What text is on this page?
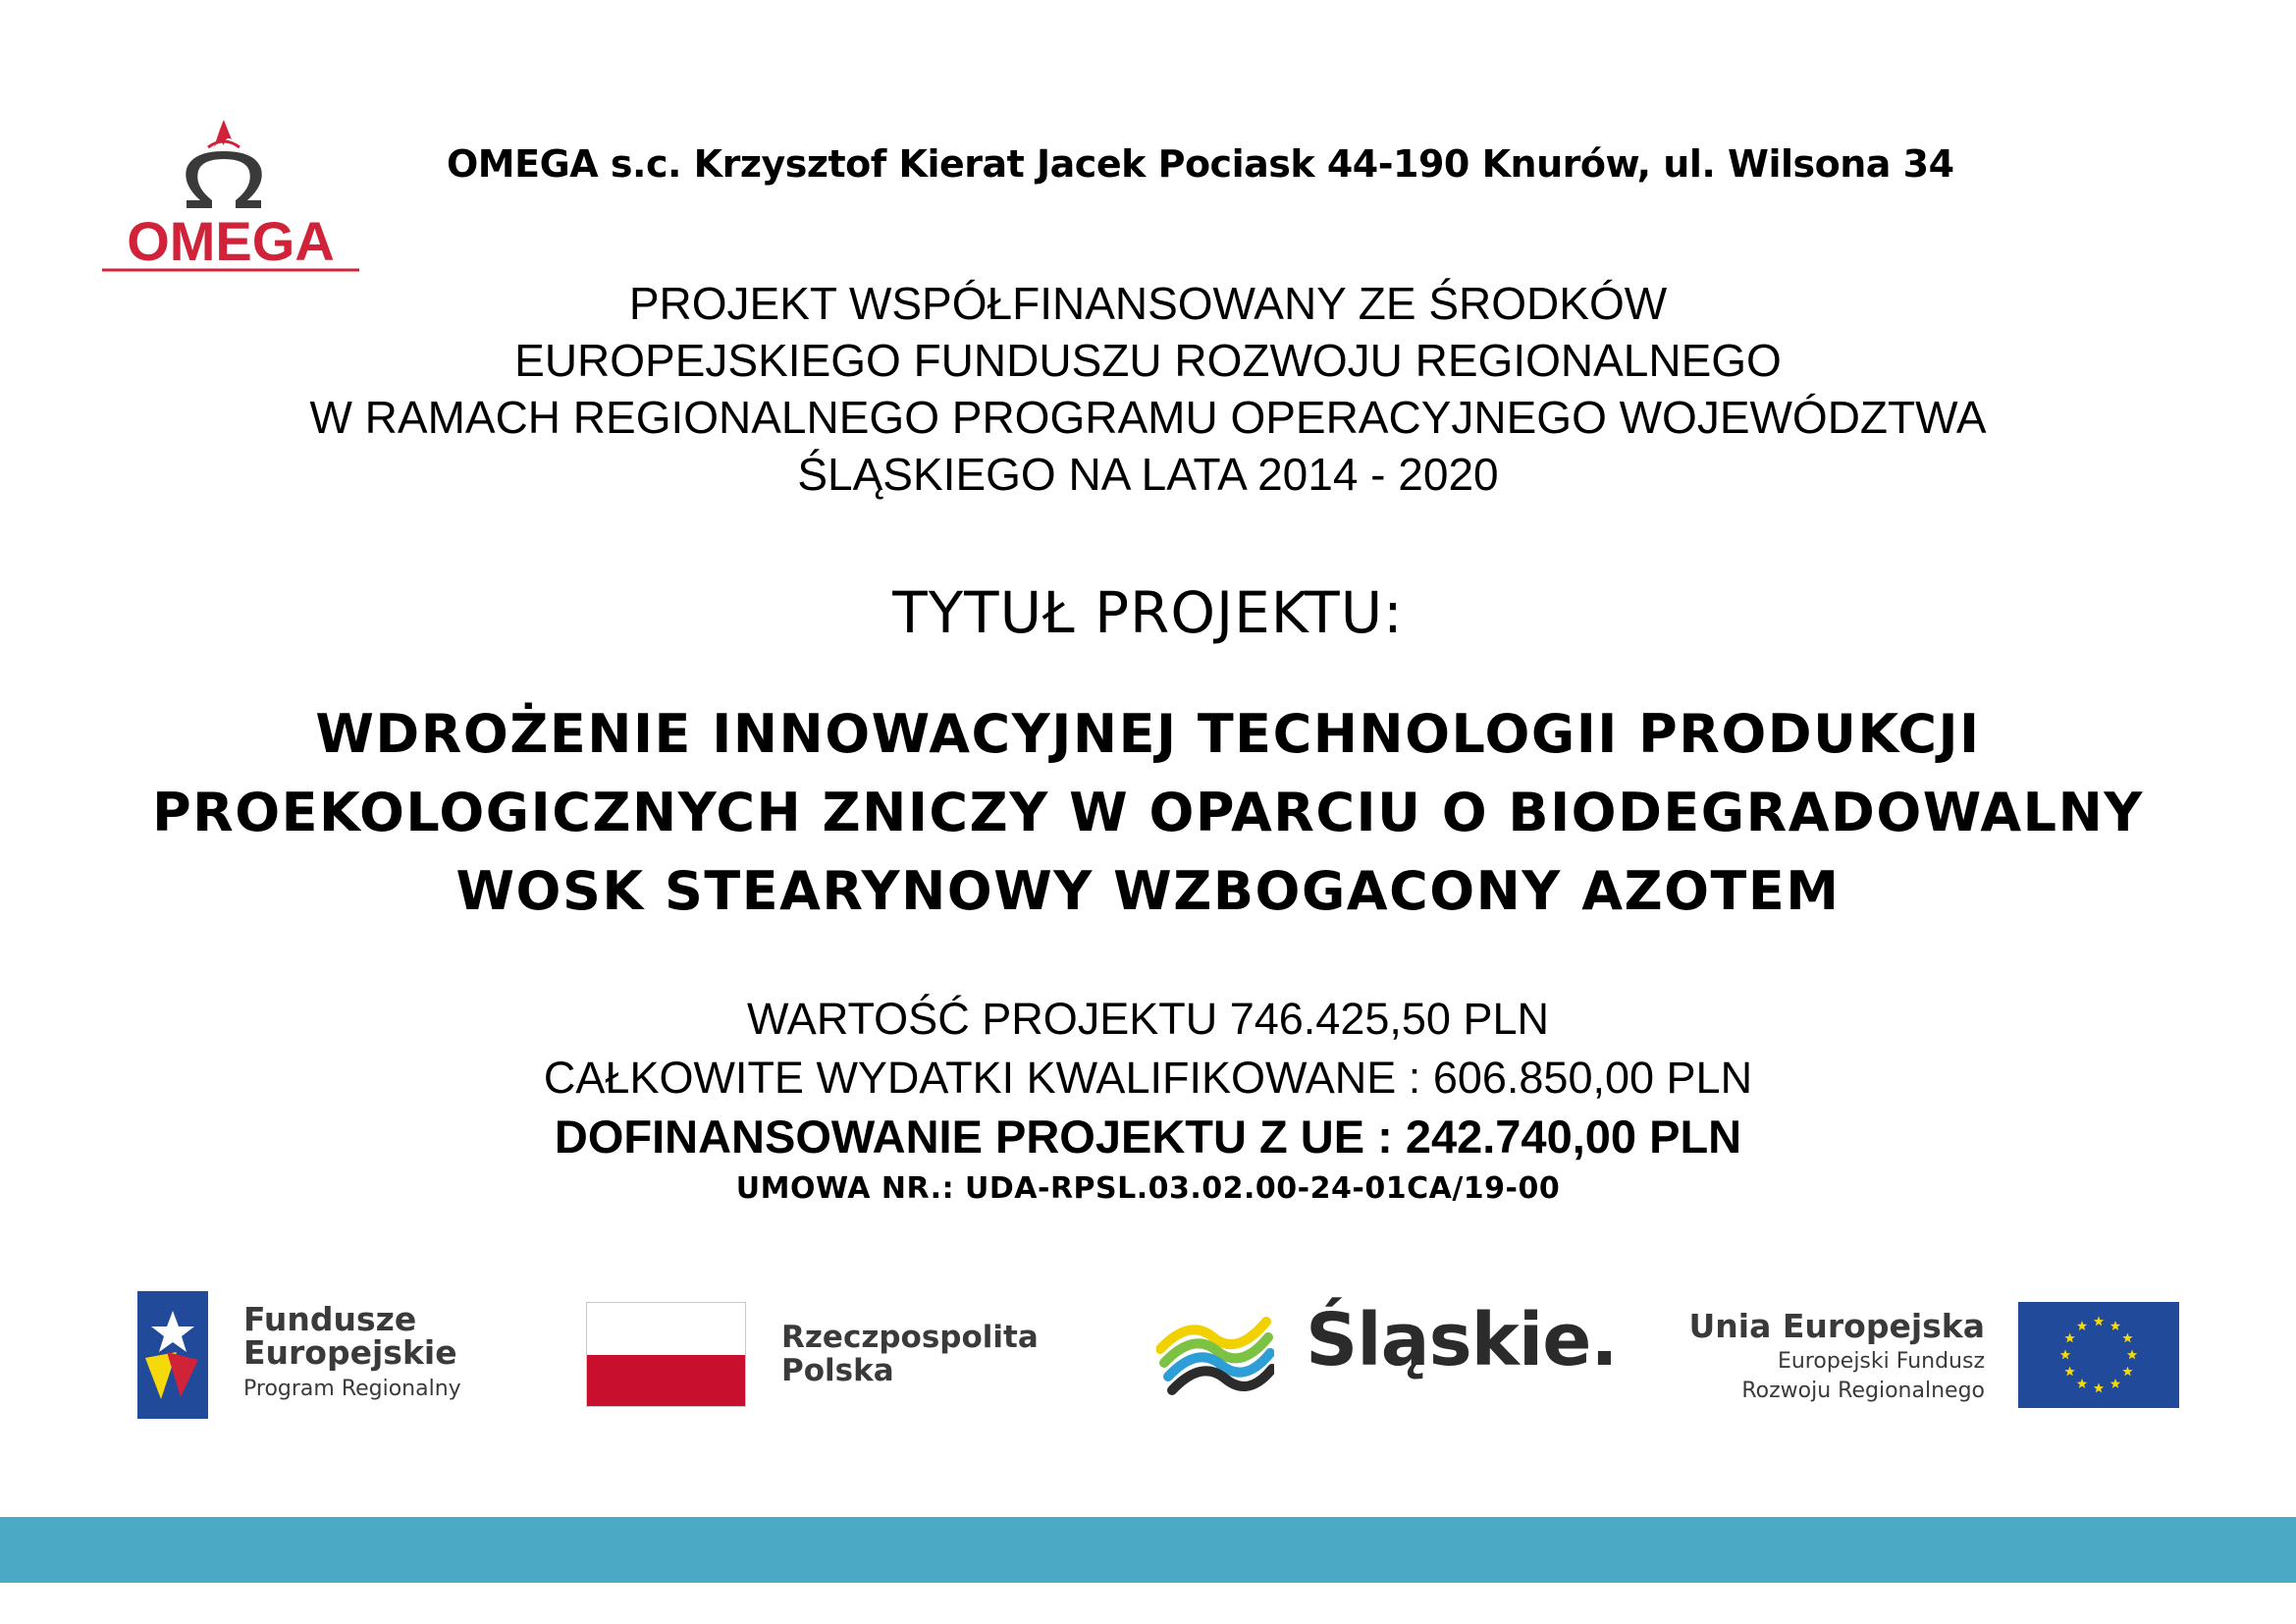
OMEGA
OMEGA s.c. Krzysztof Kierat Jacek Pociask 44-190 Knurów, ul. Wilsona 34
PROJEKT WSPÓŁFINANSOWANY ZE ŚRODKÓW
EUROPEJSKIEGO FUNDUSZU ROZWOJU REGIONALNEGO
W RAMACH REGIONALNEGO PROGRAMU OPERACYJNEGO WOJEWÓDZTWA
ŚLĄSKIEGO NA LATA 2014 - 2020
TYTUŁ PROJEKTU:
WDROŻENIE INNOWACYJNEJ TECHNOLOGII PRODUKCJI
PROEKOLOGICZNYCH ZNICZY W OPARCIU O BIODEGRADOWALNY
WOSK STEARYNOWY WZBOGACONY AZOTEM
WARTOŚĆ PROJEKTU 746.425,50 PLN
CAŁKOWITE WYDATKI KWALIFIKOWANE : 606.850,00 PLN
DOFINANSOWANIE PROJEKTU Z UE : 242.740,00 PLN
UMOWA NR.: UDA-RPSL.03.02.00-24-01CA/19-00
Fundusze
Europejskie
Program Regionalny
Rzeczpospolita
Polska	Śląskie.	Unia Europejska
Europejski Fundusz
Rozwoju Regionalnego
